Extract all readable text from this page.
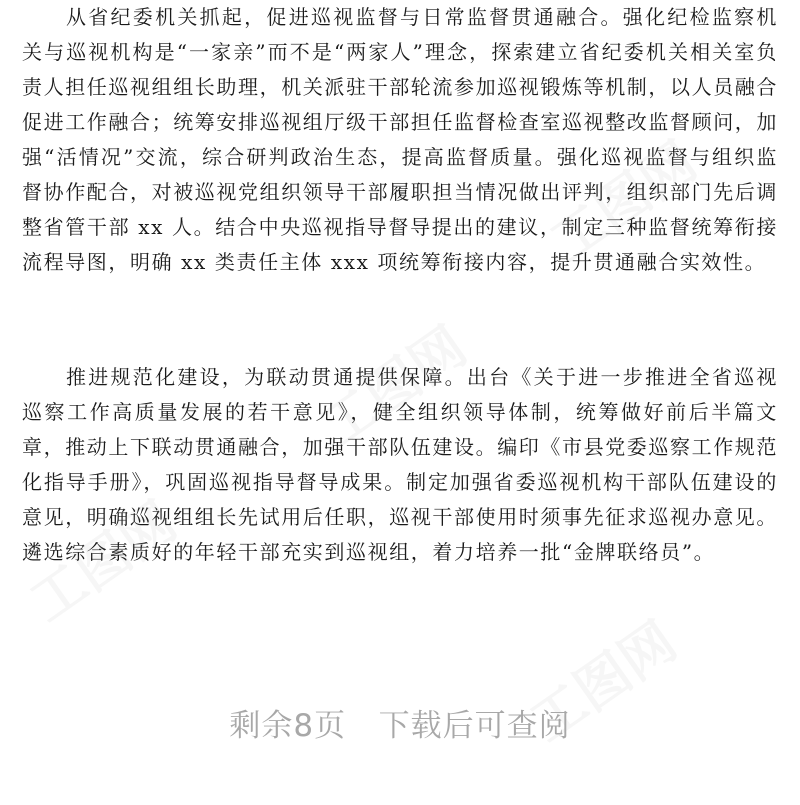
从省纪委机关抓起，促进巡视监督与日常监督贯通融合。强化纪检监察机关与巡视机构是“一家亲”而不是“两家人”理念，探索建立省纪委机关相关室负责人担任巡视组组长助理，机关派驻干部轮流参加巡视锻炼等机制，以人员融合促进工作融合；统筹安排巡视组厅级干部担任监督检查室巡视整改监督顾问，加强“活情况”交流，综合研判政治生态，提高监督质量。强化巡视监督与组织监督协作配合，对被巡视党组织领导干部履职担当情况做出评判，组织部门先后调整省管干部 xx 人。结合中央巡视指导督导提出的建议，制定三种监督统筹衔接流程导图，明确 xx 类责任主体 xxx 项统筹衔接内容，提升贯通融合实效性。

推进规范化建设，为联动贯通提供保障。出台《关于进一步推进全省巡视巡察工作高质量发展的若干意见》，健全组织领导体制，统筹做好前后半篇文章，推动上下联动贯通融合，加强干部队伍建设。编印《市县党委巡察工作规范化指导手册》，巩固巡视指导督导成果。制定加强省委巡视机构干部队伍建设的意见，明确巡视组组长先试用后任职，巡视干部使用时须事先征求巡视办意见。遴选综合素质好的年轻干部充实到巡视组，着力培养一批“金牌联络员”。

工图网
工图网
工图网
工图网
剩余8页 下载后可查阅
